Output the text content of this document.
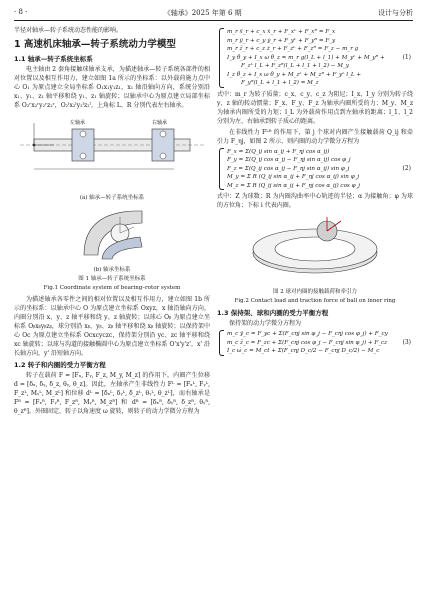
· 8 ·	《轴承》2025 年第 6 期	设计与分析

半径对轴承—转子系统动态性能的影响。

1 高速机床轴承—转子系统动力学模型
1.1 轴承—转子系统坐标系

电主轴由 2 套角接触球轴承支承，为描述轴承—转子系统各部件的相对位置以及相互作用力，建立如图 1a 所示的坐标系：以外载荷施力点中心 O₁ 为原点建立全局坐标系 O₁x₁y₁z₁，x₁ 轴沿轴向方向，系统分别沿 x₁、y₁、z₁ 轴平移和绕 y₁、z₁ 轴旋转；以轴承中心为原点建立局部坐标系 O₂ʳx₂ʳy₂ʳz₂ʳ，O₂ˡx₂ˡy₂ˡz₂ˡ，上角标 L、R 分别代表左右轴承。

左轴承	右轴承
(a) 轴承—转子系统坐标系
(b) 轴承坐标系
图 1 轴承—转子系统坐标系
Fig.1 Coordinate system of bearing–rotor system

为描述轴承各零件之间的相对位置以及相互作用力，建立如图 1b 所示的坐标系：以轴承中心 O 为原点建立坐标系 Oxyz，x 轴沿轴向方向，内圈分别沿 x、y、z 轴平移和绕 y、z 轴旋转；以球心 Oᵦ 为原点建立坐标系 Oᵦxᵦyᵦzᵦ，球分别沿 xᵦ、yᵦ、zᵦ 轴平移和绕 xᵦ 轴旋转；以保持架中心 Oc 为原点建立坐标系 Ocxcyczc，保持架分别沿 yc、zc 轴平移和绕 xc 轴旋转；以球与沟道的接触椭圆中心为原点建立坐标系 O'x'y'z'，x' 沿长轴方向，y' 沿短轴方向。

1.2 转子和内圈的受力平衡方程

转子在载荷 F = [Fₓ, Fᵧ, F_z, M_y, M_z] 的作用下，内圈产生位移 d = [δₓ, δᵧ, δ_z, θᵧ, θ_z]。因此，左轴承产生非线性力 Fᴸ = [Fₓᴸ, Fᵧᴸ, F_zᴸ, Mᵧᴸ, M_zᴸ] 和位移 dᴸ = [δₓᴸ, δᵧᴸ, δ_zᴸ, θᵧᴸ, θ_zᴸ]，而右轴承是 Fᴿ = [Fₓᴿ, Fᵧᴿ, F_zᴿ, Mᵧᴿ, M_zᴿ] 和 dᴿ = [δₓᴿ, δᵧᴿ, δ_zᴿ, θᵧᴿ, θ_zᴿ]。外圈固定，转子以角速度 ω 旋转，则转子的动力学微分方程为

m_r ẍ_r + c_x ẋ_r + F_xᴸ + F_xᴿ = F_x
m_r ÿ_r + c_y ẏ_r + F_yᴸ + F_yᴿ = F_y
m_r z̈_r + c_z ż_r + F_zᴸ + F_zᴿ = F_z − m_r g
I_y θ̈_y + I_x ω θ̇_z = m_r g(l_L + l_1) + M_yᴸ + M_yᴿ +
F_zᴸ l_L + F_zᴿ(l_L + l_1 + l_2) − M_y
I_z θ̈_z + I_x ω θ̇_y + M_zᴸ + M_zᴿ + F_yᴸ l_L +
F_yᴿ(l_L + l_1 + l_2) = M_z
(1)

式中：m_r 为转子质量；c_x、c_y、c_z 为阻尼；I_x、I_y 分别为转子绕 y、z 轴的转动惯量；F_x、F_y、F_z 为轴承内圈所受的力；M_y、M_z 为轴承内圈所受的力矩；l_L 为外载荷作用点到左轴承的距离；l_1、l_2 分别为左、右轴承到转子质心的距离。

在非线性力 Fᴸᴿ 的作用下，第 j 个球对内圈产生接触载荷 Q_ij 和牵引力 F_ηj，如图 2 所示，则内圈的动力学微分方程为

F_x = Σ(Q_ij sin α_ij + F_ηj cos α_ij)
F_y = Σ(Q_ij cos α_ij − F_ηj sin α_ij) cos φ_j
F_z = Σ(Q_ij cos α_ij − F_ηj sin α_ij) sin φ_j
M_y = Σ R (Q_ij sin α_ij + F_ηj cos α_ij) sin φ_j
M_z = Σ R (Q_ij sin α_ij + F_ηj cos α_ij) cos φ_j
(2)

式中：Z 为球数；R 为内圈沟曲率中心轨迹的半径；α 为接触角；φ 为球的方位角；下标 i 代表内圈。

图 2 球对内圈的接触载荷和牵引力
Fig.2 Contact load and traction force of ball on inner ring
1.3 保持架、球和内圈的受力平衡方程

保持架的动力学微分方程为

m_c ÿ_c = F_yc + Σ(F_cηj sin φ_j − F_cηj cos φ_j) + F_cy
m_c z̈_c = F_zc + Σ(F_cηj cos φ_j − F_cηj sin φ_j) + F_cz
I_c ω̇_c = M_ct + Σ(F_cηj D_c/2 − F_cηj D_c/2) − M_c
(3)
